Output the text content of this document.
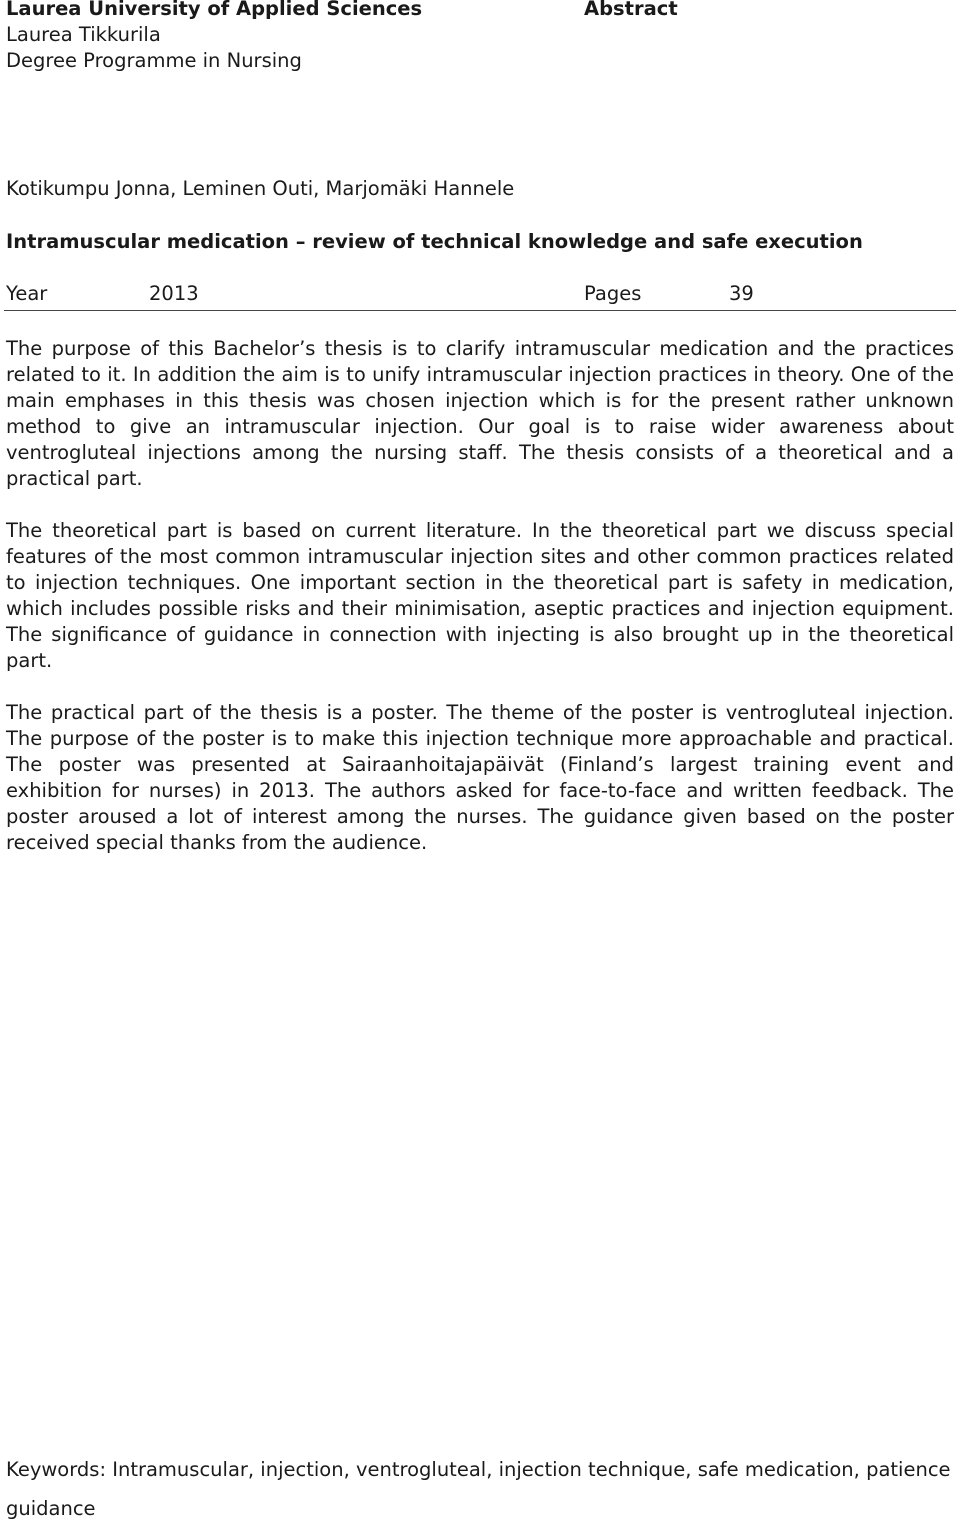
Laurea University of Applied Sciences
Laurea Tikkurila
Degree Programme in Nursing
Abstract
Kotikumpu Jonna, Leminen Outi, Marjomäki Hannele
Intramuscular medication – review of technical knowledge and safe execution
Year	2013	Pages	39

The purpose of this Bachelor’s thesis is to clarify intramuscular medication and the practices related to it. In addition the aim is to unify intramuscular injection practices in theory. One of the main emphases in this thesis was chosen injection which is for the present rather unknown method to give an intramuscular injection. Our goal is to raise wider awareness about ventrogluteal injections among the nursing staff. The thesis consists of a theoretical and a practical part.

The theoretical part is based on current literature. In the theoretical part we discuss special features of the most common intramuscular injection sites and other common practices related to injection techniques. One important section in the theoretical part is safety in medication, which includes possible risks and their minimisation, aseptic practices and injection equipment. The significance of guidance in connection with injecting is also brought up in the theoretical part.

The practical part of the thesis is a poster. The theme of the poster is ventrogluteal injection. The purpose of the poster is to make this injection technique more approachable and practical. The poster was presented at Sairaanhoitajapäivät (Finland’s largest training event and exhibition for nurses) in 2013. The authors asked for face-to-face and written feedback. The poster aroused a lot of interest among the nurses. The guidance given based on the poster received special thanks from the audience.

Keywords: Intramuscular, injection, ventrogluteal, injection technique, safe medication, patience guidance
